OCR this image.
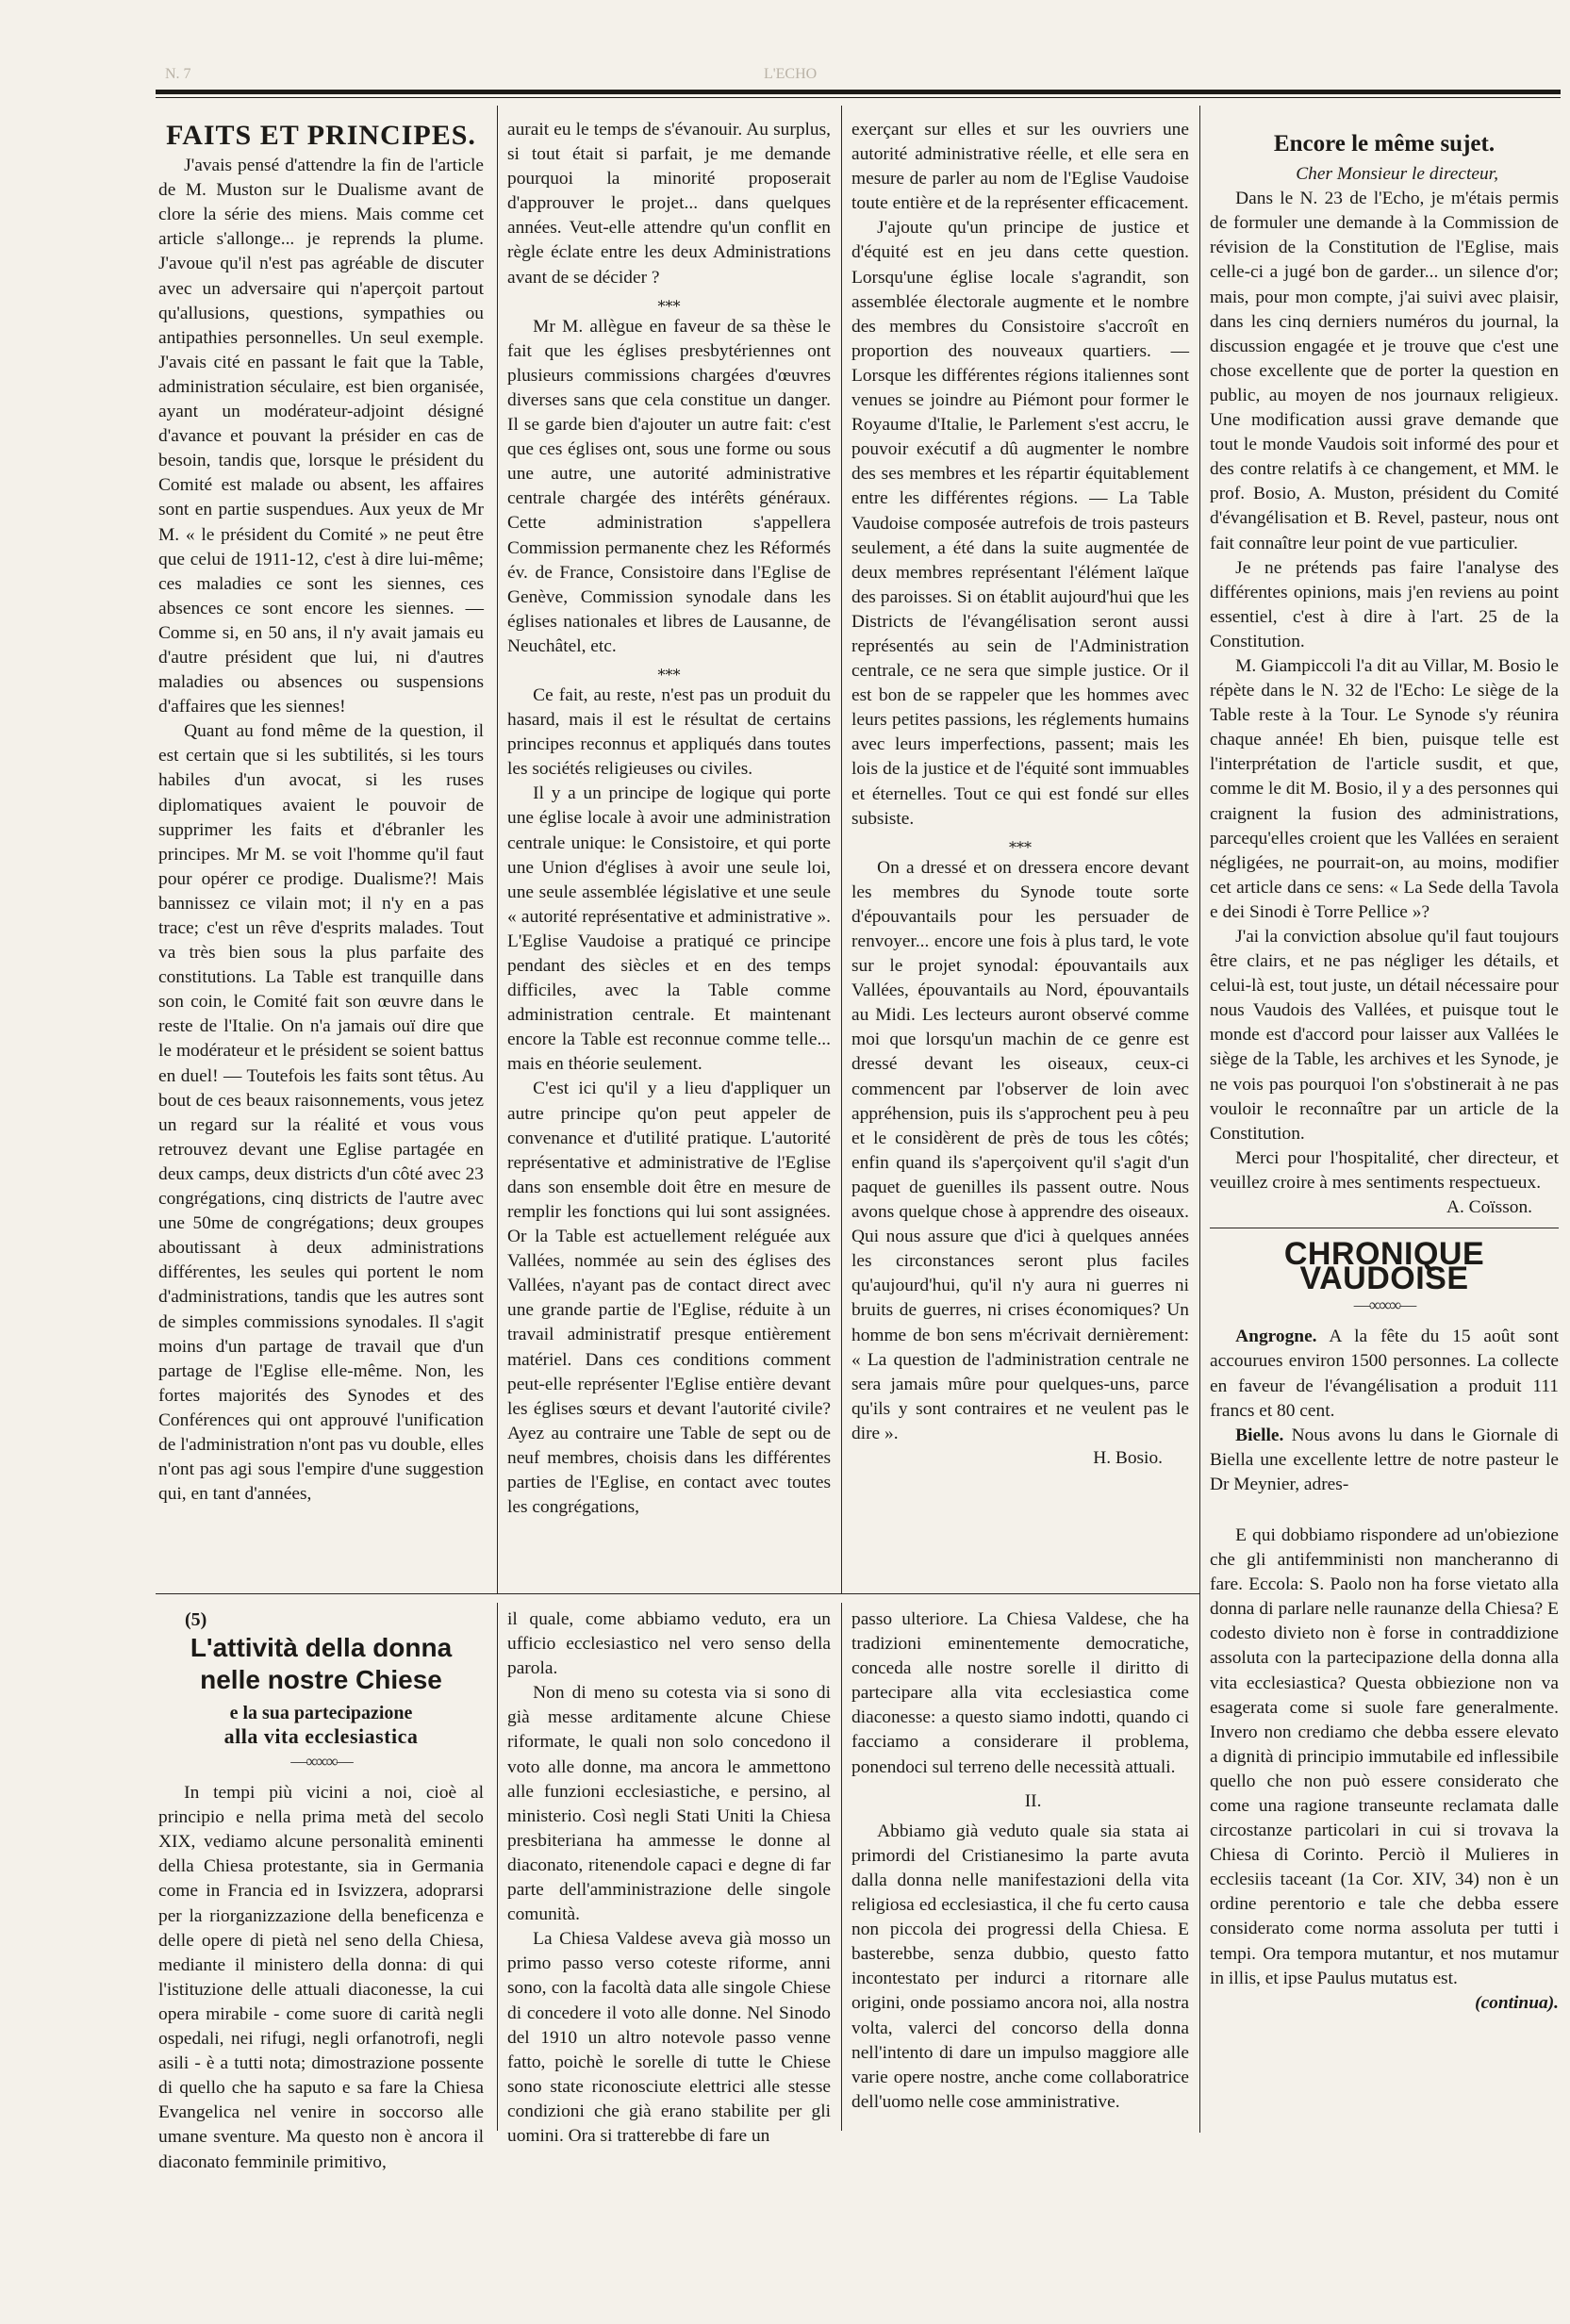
N. 7	L'ECHO
FAITS ET PRINCIPES.

J'avais pensé d'attendre la fin de l'article de M. Muston sur le Dualisme avant de clore la série des miens. Mais comme cet article s'allonge... je reprends la plume. J'avoue qu'il n'est pas agréable de discuter avec un adversaire qui n'aperçoit partout qu'allusions, questions, sympathies ou antipathies personnelles. Un seul exemple. J'avais cité en passant le fait que la Table, administration séculaire, est bien organisée, ayant un modérateur-adjoint désigné d'avance et pouvant la présider en cas de besoin, tandis que, lorsque le président du Comité est malade ou absent, les affaires sont en partie suspendues. Aux yeux de Mr M. « le président du Comité » ne peut être que celui de 1911-12, c'est à dire lui-même; ces maladies ce sont les siennes, ces absences ce sont encore les siennes. — Comme si, en 50 ans, il n'y avait jamais eu d'autre président que lui, ni d'autres maladies ou absences ou suspensions d'affaires que les siennes!

Quant au fond même de la question, il est certain que si les subtilités, si les tours habiles d'un avocat, si les ruses diplomatiques avaient le pouvoir de supprimer les faits et d'ébranler les principes. Mr M. se voit l'homme qu'il faut pour opérer ce prodige. Dualisme?! Mais bannissez ce vilain mot; il n'y en a pas trace; c'est un rêve d'esprits malades. Tout va très bien sous la plus parfaite des constitutions. La Table est tranquille dans son coin, le Comité fait son œuvre dans le reste de l'Italie. On n'a jamais ouï dire que le modérateur et le président se soient battus en duel! — Toutefois les faits sont têtus. Au bout de ces beaux raisonnements, vous jetez un regard sur la réalité et vous vous retrouvez devant une Eglise partagée en deux camps, deux districts d'un côté avec 23 congrégations, cinq districts de l'autre avec une 50me de congrégations; deux groupes aboutissant à deux administrations différentes, les seules qui portent le nom d'administrations, tandis que les autres sont de simples commissions synodales. Il s'agit moins d'un partage de travail que d'un partage de l'Eglise elle-même. Non, les fortes majorités des Synodes et des Conférences qui ont approuvé l'unification de l'administration n'ont pas vu double, elles n'ont pas agi sous l'empire d'une suggestion qui, en tant d'années,

aurait eu le temps de s'évanouir. Au surplus, si tout était si parfait, je me demande pourquoi la minorité proposerait d'approuver le projet... dans quelques années. Veut-elle attendre qu'un conflit en règle éclate entre les deux Administrations avant de se décider ?

⁎⁎⁎

Mr M. allègue en faveur de sa thèse le fait que les églises presbytériennes ont plusieurs commissions chargées d'œuvres diverses sans que cela constitue un danger. Il se garde bien d'ajouter un autre fait: c'est que ces églises ont, sous une forme ou sous une autre, une autorité administrative centrale chargée des intérêts généraux. Cette administration s'appellera Commission permanente chez les Réformés év. de France, Consistoire dans l'Eglise de Genève, Commission synodale dans les églises nationales et libres de Lausanne, de Neuchâtel, etc.

⁎⁎⁎

Ce fait, au reste, n'est pas un produit du hasard, mais il est le résultat de certains principes reconnus et appliqués dans toutes les sociétés religieuses ou civiles.

Il y a un principe de logique qui porte une église locale à avoir une administration centrale unique: le Consistoire, et qui porte une Union d'églises à avoir une seule loi, une seule assemblée législative et une seule « autorité représentative et administrative ». L'Eglise Vaudoise a pratiqué ce principe pendant des siècles et en des temps difficiles, avec la Table comme administration centrale. Et maintenant encore la Table est reconnue comme telle... mais en théorie seulement.

C'est ici qu'il y a lieu d'appliquer un autre principe qu'on peut appeler de convenance et d'utilité pratique. L'autorité représentative et administrative de l'Eglise dans son ensemble doit être en mesure de remplir les fonctions qui lui sont assignées. Or la Table est actuellement reléguée aux Vallées, nommée au sein des églises des Vallées, n'ayant pas de contact direct avec une grande partie de l'Eglise, réduite à un travail administratif presque entièrement matériel. Dans ces conditions comment peut-elle représenter l'Eglise entière devant les églises sœurs et devant l'autorité civile? Ayez au contraire une Table de sept ou de neuf membres, choisis dans les différentes parties de l'Eglise, en contact avec toutes les congrégations,

exerçant sur elles et sur les ouvriers une autorité administrative réelle, et elle sera en mesure de parler au nom de l'Eglise Vaudoise toute entière et de la représenter efficacement.

J'ajoute qu'un principe de justice et d'équité est en jeu dans cette question. Lorsqu'une église locale s'agrandit, son assemblée électorale augmente et le nombre des membres du Consistoire s'accroît en proportion des nouveaux quartiers. — Lorsque les différentes régions italiennes sont venues se joindre au Piémont pour former le Royaume d'Italie, le Parlement s'est accru, le pouvoir exécutif a dû augmenter le nombre des ses membres et les répartir équitablement entre les différentes régions. — La Table Vaudoise composée autrefois de trois pasteurs seulement, a été dans la suite augmentée de deux membres représentant l'élément laïque des paroisses. Si on établit aujourd'hui que les Districts de l'évangélisation seront aussi représentés au sein de l'Administration centrale, ce ne sera que simple justice. Or il est bon de se rappeler que les hommes avec leurs petites passions, les réglements humains avec leurs imperfections, passent; mais les lois de la justice et de l'équité sont immuables et éternelles. Tout ce qui est fondé sur elles subsiste.

⁎⁎⁎

On a dressé et on dressera encore devant les membres du Synode toute sorte d'épouvantails pour les persuader de renvoyer... encore une fois à plus tard, le vote sur le projet synodal: épouvantails aux Vallées, épouvantails au Nord, épouvantails au Midi. Les lecteurs auront observé comme moi que lorsqu'un machin de ce genre est dressé devant les oiseaux, ceux-ci commencent par l'observer de loin avec appréhension, puis ils s'approchent peu à peu et le considèrent de près de tous les côtés; enfin quand ils s'aperçoivent qu'il s'agit d'un paquet de guenilles ils passent outre. Nous avons quelque chose à apprendre des oiseaux. Qui nous assure que d'ici à quelques années les circonstances seront plus faciles qu'aujourd'hui, qu'il n'y aura ni guerres ni bruits de guerres, ni crises économiques? Un homme de bon sens m'écrivait dernièrement: « La question de l'administration centrale ne sera jamais mûre pour quelques-uns, parce qu'ils y sont contraires et ne veulent pas le dire ».

H. Bosio.

Encore le même sujet.

Cher Monsieur le directeur,

Dans le N. 23 de l'Echo, je m'étais permis de formuler une demande à la Commission de révision de la Constitution de l'Eglise, mais celle-ci a jugé bon de garder... un silence d'or; mais, pour mon compte, j'ai suivi avec plaisir, dans les cinq derniers numéros du journal, la discussion engagée et je trouve que c'est une chose excellente que de porter la question en public, au moyen de nos journaux religieux. Une modification aussi grave demande que tout le monde Vaudois soit informé des pour et des contre relatifs à ce changement, et MM. le prof. Bosio, A. Muston, président du Comité d'évangélisation et B. Revel, pasteur, nous ont fait connaître leur point de vue particulier.

Je ne prétends pas faire l'analyse des différentes opinions, mais j'en reviens au point essentiel, c'est à dire à l'art. 25 de la Constitution.

M. Giampiccoli l'a dit au Villar, M. Bosio le répète dans le N. 32 de l'Echo: Le siège de la Table reste à la Tour. Le Synode s'y réunira chaque année! Eh bien, puisque telle est l'interprétation de l'article susdit, et que, comme le dit M. Bosio, il y a des personnes qui craignent la fusion des administrations, parcequ'elles croient que les Vallées en seraient négligées, ne pourrait-on, au moins, modifier cet article dans ce sens: « La Sede della Tavola e dei Sinodi è Torre Pellice »?

J'ai la conviction absolue qu'il faut toujours être clairs, et ne pas négliger les détails, et celui-là est, tout juste, un détail nécessaire pour nous Vaudois des Vallées, et puisque tout le monde est d'accord pour laisser aux Vallées le siège de la Table, les archives et les Synode, je ne vois pas pourquoi l'on s'obstinerait à ne pas vouloir le reconnaître par un article de la Constitution.

Merci pour l'hospitalité, cher directeur, et veuillez croire à mes sentiments respectueux.

A. Coïsson.

CHRONIQUE VAUDOISE
—∞∞∞—

Angrogne. A la fête du 15 août sont accourues environ 1500 personnes. La collecte en faveur de l'évangélisation a produit 111 francs et 80 cent.

Bielle. Nous avons lu dans le Giornale di Biella une excellente lettre de notre pasteur le Dr Meynier, adres-

E qui dobbiamo rispondere ad un'obiezione che gli antifemministi non mancheranno di fare. Eccola: S. Paolo non ha forse vietato alla donna di parlare nelle raunanze della Chiesa? E codesto divieto non è forse in contraddizione assoluta con la partecipazione della donna alla vita ecclesiastica? Questa obbiezione non va esagerata come si suole fare generalmente. Invero non crediamo che debba essere elevato a dignità di principio immutabile ed inflessibile quello che non può essere considerato che come una ragione transeunte reclamata dalle circostanze particolari in cui si trovava la Chiesa di Corinto. Perciò il Mulieres in ecclesiis taceant (1a Cor. XIV, 34) non è un ordine perentorio e tale che debba essere considerato come norma assoluta per tutti i tempi. Ora tempora mutantur, et nos mutamur in illis, et ipse Paulus mutatus est.

(continua).

(5)

L'attività della donna nelle nostre Chiese
e la sua partecipazione
alla vita ecclesiastica
—∞∞∞—

In tempi più vicini a noi, cioè al principio e nella prima metà del secolo XIX, vediamo alcune personalità eminenti della Chiesa protestante, sia in Germania come in Francia ed in Isvizzera, adoprarsi per la riorganizzazione della beneficenza e delle opere di pietà nel seno della Chiesa, mediante il ministero della donna: di qui l'istituzione delle attuali diaconesse, la cui opera mirabile - come suore di carità negli ospedali, nei rifugi, negli orfanotrofi, negli asili - è a tutti nota; dimostrazione possente di quello che ha saputo e sa fare la Chiesa Evangelica nel venire in soccorso alle umane sventure. Ma questo non è ancora il diaconato femminile primitivo,

il quale, come abbiamo veduto, era un ufficio ecclesiastico nel vero senso della parola.

Non di meno su cotesta via si sono di già messe arditamente alcune Chiese riformate, le quali non solo concedono il voto alle donne, ma ancora le ammettono alle funzioni ecclesiastiche, e persino, al ministerio. Così negli Stati Uniti la Chiesa presbiteriana ha ammesse le donne al diaconato, ritenendole capaci e degne di far parte dell'amministrazione delle singole comunità.

La Chiesa Valdese aveva già mosso un primo passo verso coteste riforme, anni sono, con la facoltà data alle singole Chiese di concedere il voto alle donne. Nel Sinodo del 1910 un altro notevole passo venne fatto, poichè le sorelle di tutte le Chiese sono state riconosciute elettrici alle stesse condizioni che già erano stabilite per gli uomini. Ora si tratterebbe di fare un

passo ulteriore. La Chiesa Valdese, che ha tradizioni eminentemente democratiche, conceda alle nostre sorelle il diritto di partecipare alla vita ecclesiastica come diaconesse: a questo siamo indotti, quando ci facciamo a considerare il problema, ponendoci sul terreno delle necessità attuali.

II.

Abbiamo già veduto quale sia stata ai primordi del Cristianesimo la parte avuta dalla donna nelle manifestazioni della vita religiosa ed ecclesiastica, il che fu certo causa non piccola dei progressi della Chiesa. E basterebbe, senza dubbio, questo fatto incontestato per indurci a ritornare alle origini, onde possiamo ancora noi, alla nostra volta, valerci del concorso della donna nell'intento di dare un impulso maggiore alle varie opere nostre, anche come collaboratrice dell'uomo nelle cose amministrative.
